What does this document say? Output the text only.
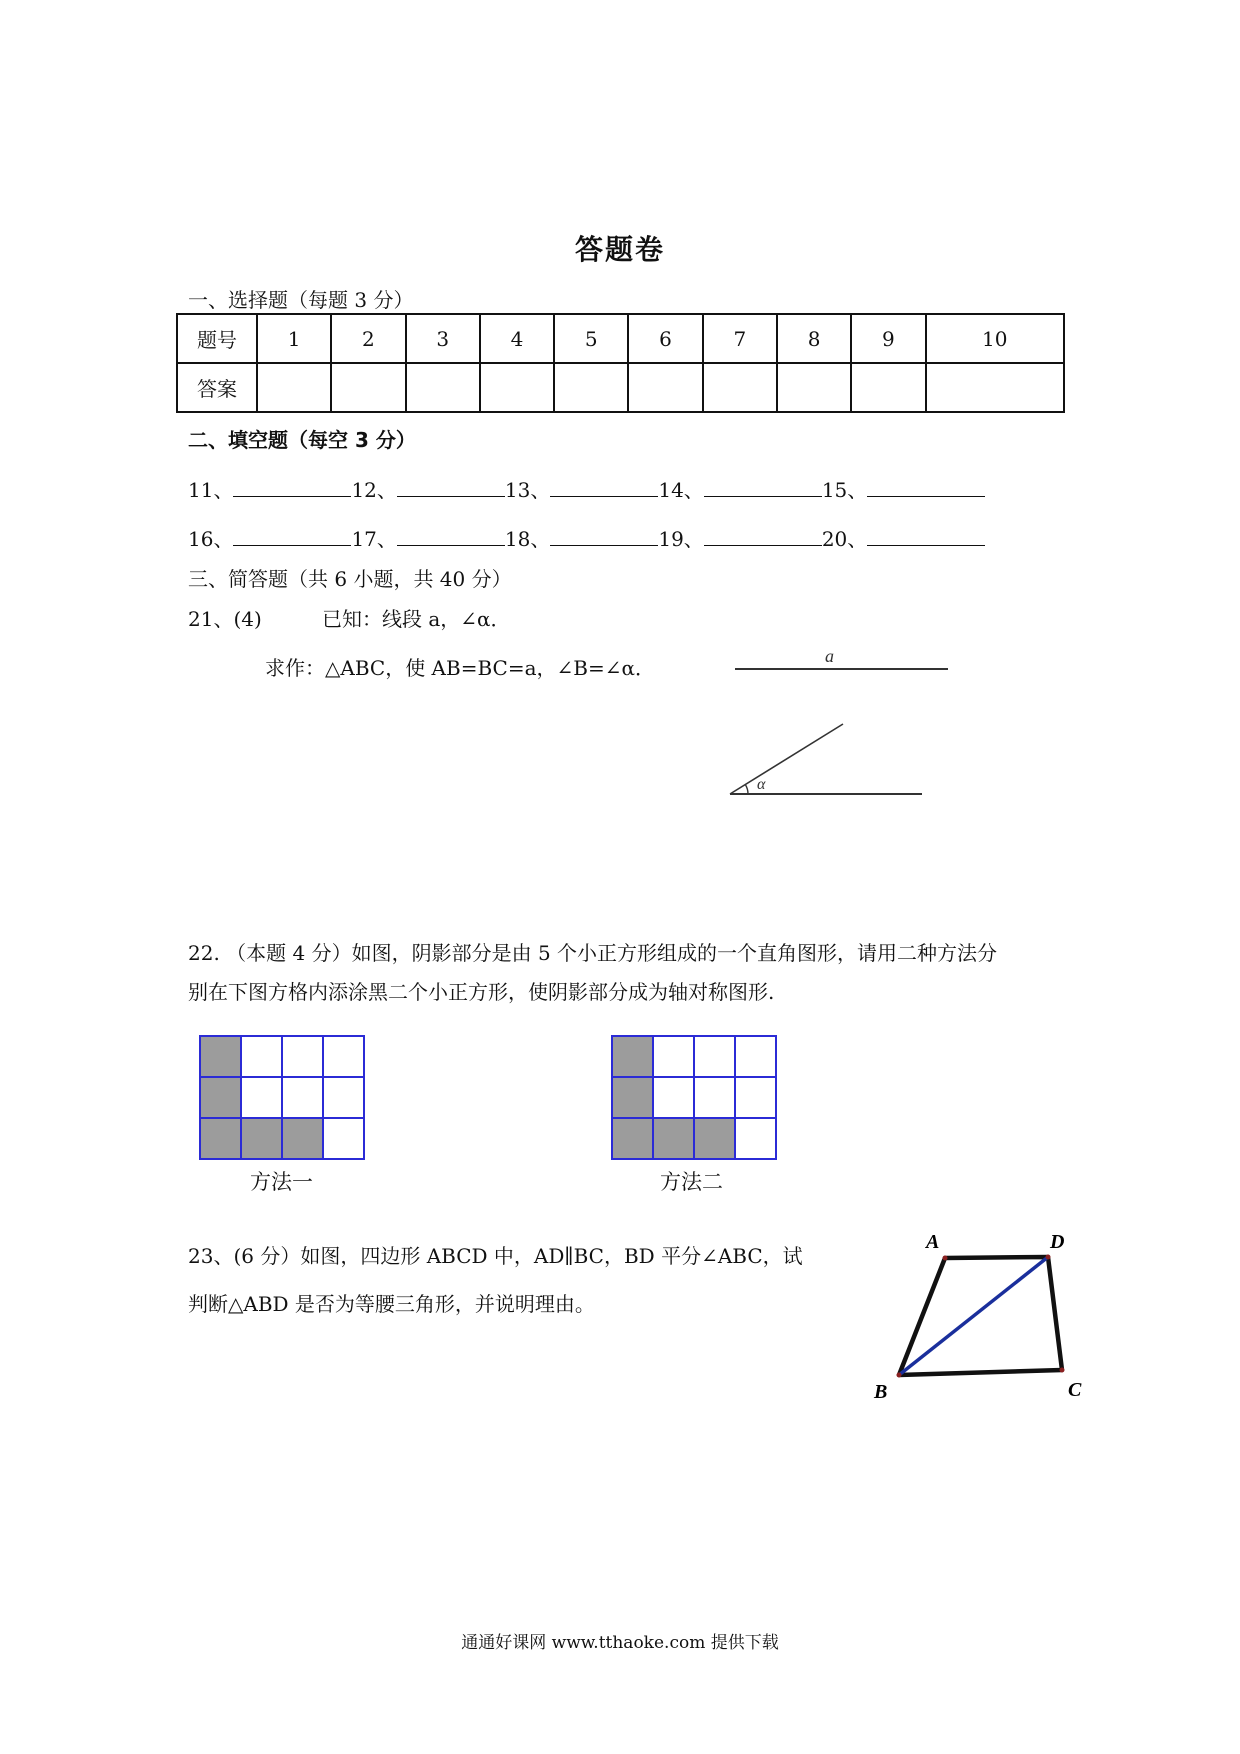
答题卷
一、选择题（每题 3 分）
题号	1	2	3	4	5	6	7	8	9	10
答案										
二、填空题（每空 3 分）
11、	12、	13、	14、	15、
16、	17、	18、	19、	20、
三、简答题（共 6 小题，共 40 分）
21、(4)	已知：线段 a，∠α．
求作：△ABC，使 AB=BC=a，∠B=∠α．	a
α
22. （本题 4 分）如图，阴影部分是由 5 个小正方形组成的一个直角图形，请用二种方法分
别在下图方格内添涂黑二个小正方形，使阴影部分成为轴对称图形.
方法一	方法二
23、(6 分）如图，四边形 ABCD 中，AD∥BC，BD 平分∠ABC，试
判断△ABD 是否为等腰三角形，并说明理由。
A	D
B	C
通通好课网 www.tthaoke.com 提供下载
